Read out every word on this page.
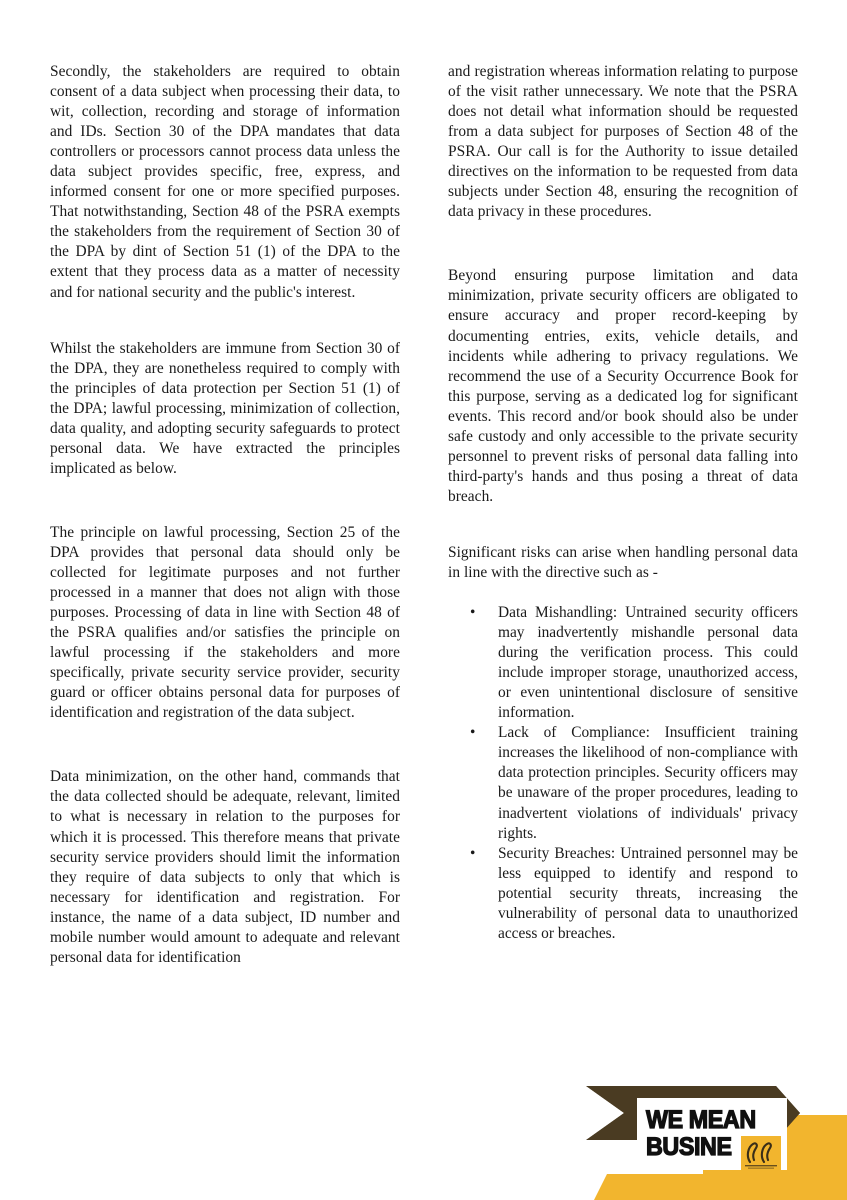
Secondly, the stakeholders are required to obtain consent of a data subject when processing their data, to wit, collection, recording and storage of information and IDs. Section 30 of the DPA mandates that data controllers or processors cannot process data unless the data subject provides specific, free, express, and informed consent for one or more specified purposes. That notwithstanding, Section 48 of the PSRA exempts the stakeholders from the requirement of Section 30 of the DPA by dint of Section 51 (1) of the DPA to the extent that they process data as a matter of necessity and for national security and the public's interest.

Whilst the stakeholders are immune from Section 30 of the DPA, they are nonetheless required to comply with the principles of data protection per Section 51 (1) of the DPA; lawful processing, minimization of collection, data quality, and adopting security safeguards to protect personal data. We have extracted the principles implicated as below.

The principle on lawful processing, Section 25 of the DPA provides that personal data should only be collected for legitimate purposes and not further processed in a manner that does not align with those purposes. Processing of data in line with Section 48 of the PSRA qualifies and/or satisfies the principle on lawful processing if the stakeholders and more specifically, private security service provider, security guard or officer obtains personal data for purposes of identification and registration of the data subject.

Data minimization, on the other hand, commands that the data collected should be adequate, relevant, limited to what is necessary in relation to the purposes for which it is processed. This therefore means that private security service providers should limit the information they require of data subjects to only that which is necessary for identification and registration. For instance, the name of a data subject, ID number and mobile number would amount to adequate and relevant personal data for identification

and registration whereas information relating to purpose of the visit rather unnecessary. We note that the PSRA does not detail what information should be requested from a data subject for purposes of Section 48 of the PSRA. Our call is for the Authority to issue detailed directives on the information to be requested from data subjects under Section 48, ensuring the recognition of data privacy in these procedures.

Beyond ensuring purpose limitation and data minimization, private security officers are obligated to ensure accuracy and proper record-keeping by documenting entries, exits, vehicle details, and incidents while adhering to privacy regulations. We recommend the use of a Security Occurrence Book for this purpose, serving as a dedicated log for significant events. This record and/or book should also be under safe custody and only accessible to the private security personnel to prevent risks of personal data falling into third-party's hands and thus posing a threat of data breach.

Significant risks can arise when handling personal data in line with the directive such as -

• Data Mishandling: Untrained security officers may inadvertently mishandle personal data during the verification process. This could include improper storage, unauthorized access, or even unintentional disclosure of sensitive information.
• Lack of Compliance: Insufficient training increases the likelihood of non-compliance with data protection principles. Security officers may be unaware of the proper procedures, leading to inadvertent violations of individuals' privacy rights.
• Security Breaches: Untrained personnel may be less equipped to identify and respond to potential security threats, increasing the vulnerability of personal data to unauthorized access or breaches.
WE MEAN
BUSINE
